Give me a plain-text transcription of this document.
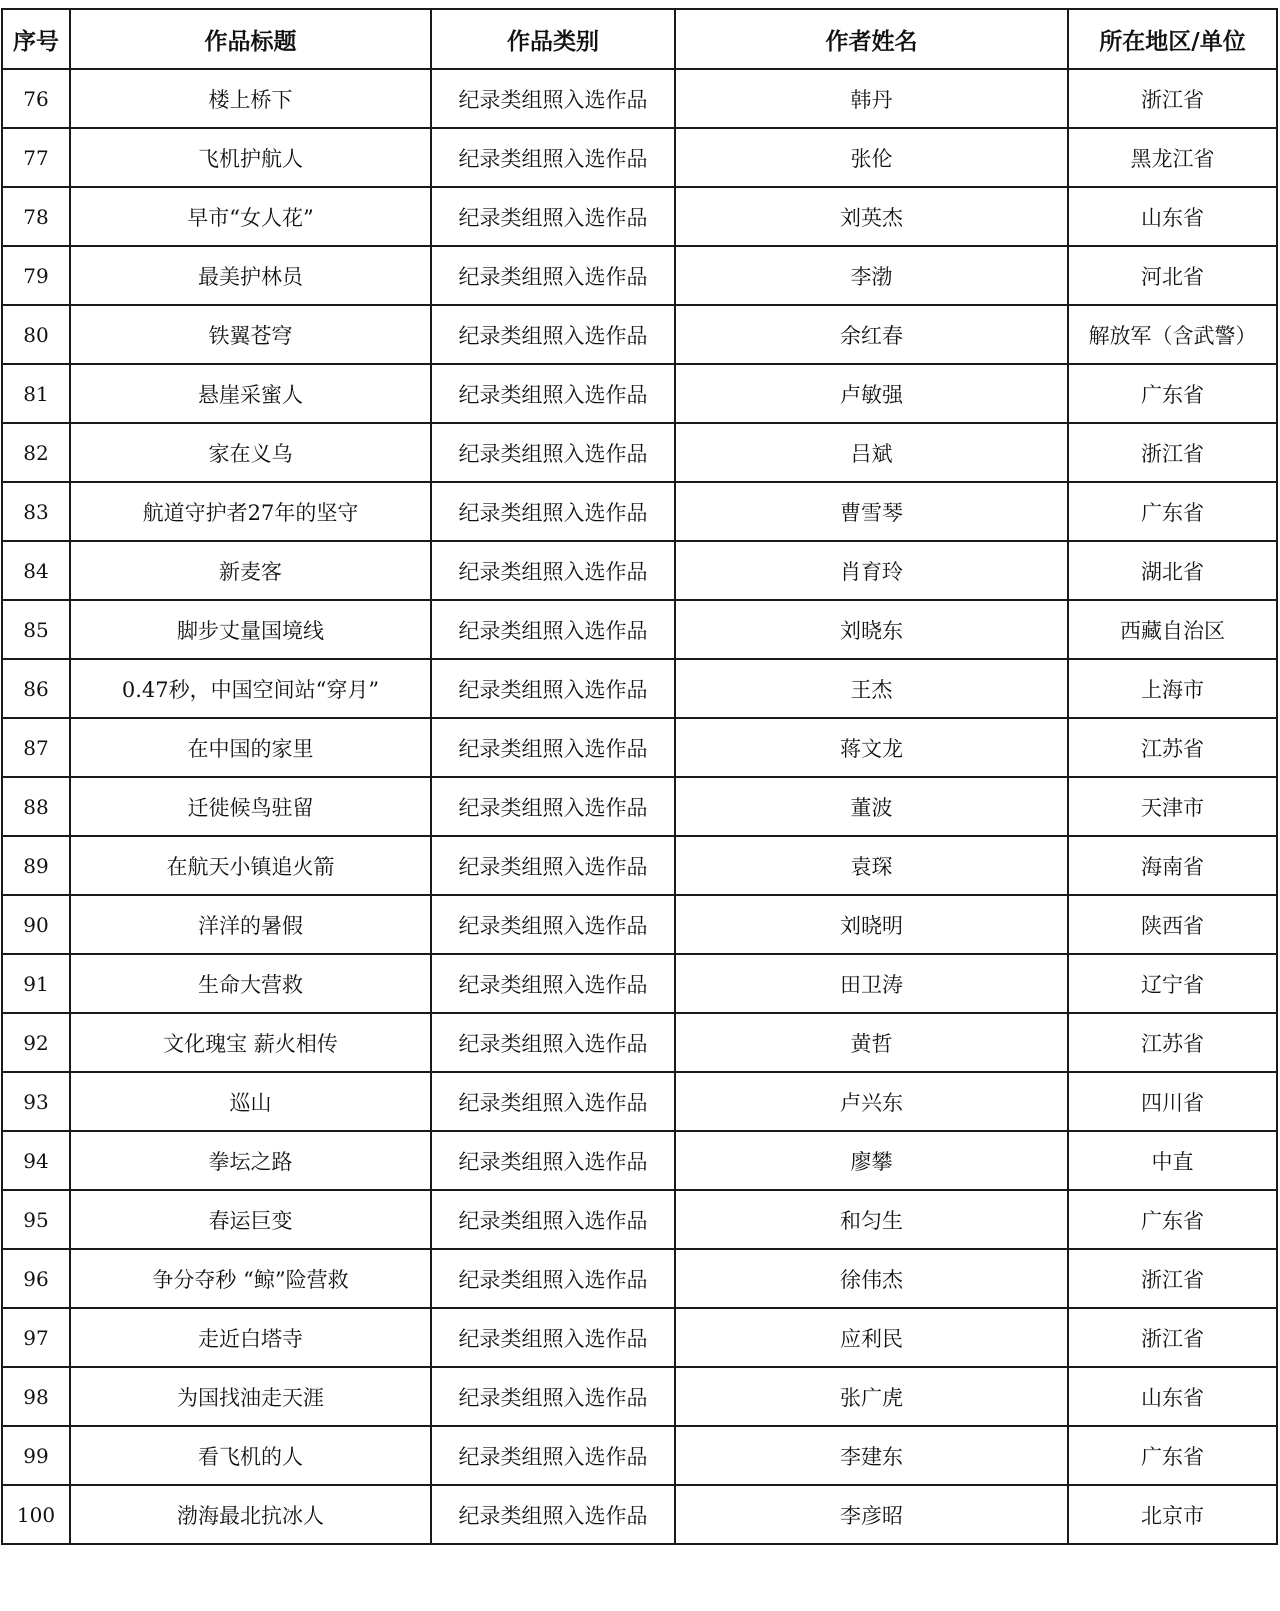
序号	作品标题	作品类别	作者姓名	所在地区/单位
76	楼上桥下	纪录类组照入选作品	韩丹	浙江省
77	飞机护航人	纪录类组照入选作品	张伦	黑龙江省
78	早市“女人花”	纪录类组照入选作品	刘英杰	山东省
79	最美护林员	纪录类组照入选作品	李渤	河北省
80	铁翼苍穹	纪录类组照入选作品	余红春	解放军（含武警）
81	悬崖采蜜人	纪录类组照入选作品	卢敏强	广东省
82	家在义乌	纪录类组照入选作品	吕斌	浙江省
83	航道守护者27年的坚守	纪录类组照入选作品	曹雪琴	广东省
84	新麦客	纪录类组照入选作品	肖育玲	湖北省
85	脚步丈量国境线	纪录类组照入选作品	刘晓东	西藏自治区
86	0.47秒，中国空间站“穿月”	纪录类组照入选作品	王杰	上海市
87	在中国的家里	纪录类组照入选作品	蒋文龙	江苏省
88	迁徙候鸟驻留	纪录类组照入选作品	董波	天津市
89	在航天小镇追火箭	纪录类组照入选作品	袁琛	海南省
90	洋洋的暑假	纪录类组照入选作品	刘晓明	陕西省
91	生命大营救	纪录类组照入选作品	田卫涛	辽宁省
92	文化瑰宝 薪火相传	纪录类组照入选作品	黄哲	江苏省
93	巡山	纪录类组照入选作品	卢兴东	四川省
94	拳坛之路	纪录类组照入选作品	廖攀	中直
95	春运巨变	纪录类组照入选作品	和匀生	广东省
96	争分夺秒 “鲸”险营救	纪录类组照入选作品	徐伟杰	浙江省
97	走近白塔寺	纪录类组照入选作品	应利民	浙江省
98	为国找油走天涯	纪录类组照入选作品	张广虎	山东省
99	看飞机的人	纪录类组照入选作品	李建东	广东省
100	渤海最北抗冰人	纪录类组照入选作品	李彦昭	北京市
